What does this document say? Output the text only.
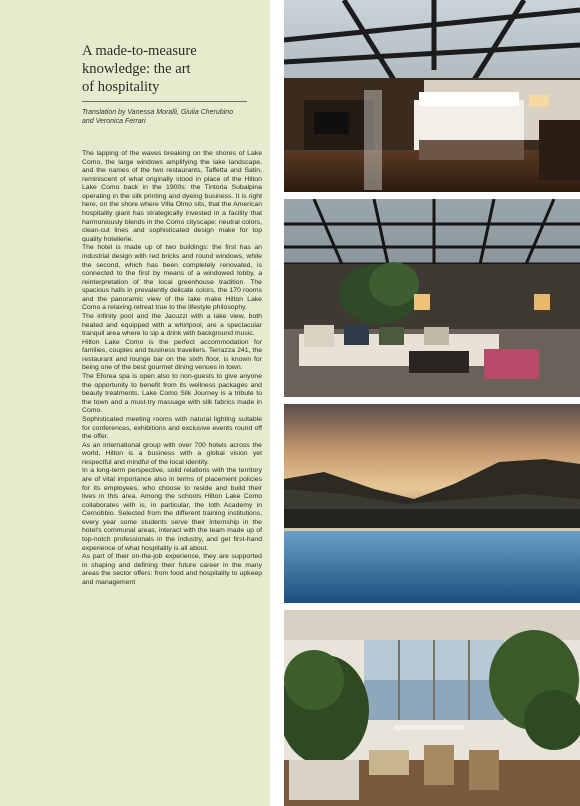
A made-to-measure
knowledge: the art
of hospitality
Translation by Vanessa Moralli, Giulia Cherubino
and Veronica Ferrari

The lapping of the waves breaking on the shores of Lake Como, the large windows amplifying the lake landscape, and the names of the two restaurants, Taffetta and Satin, reminiscent of what originally stood in place of the Hilton Lake Como back in the 1900s: the Tintoria Subalpina operating in the silk printing and dyeing business. It is right here, on the shore where Villa Olmo sits, that the American hospitality giant has strategically invested in a facility that harmoniously blends in the Como cityscape: neutral colors, clean-cut lines and sophisticated design make for top quality hotellerie.

The hotel is made up of two buildings: the first has an industrial design with red bricks and round windows, while the second, which has been completely renovated, is connected to the first by means of a windowed lobby, a reinterpretation of the local greenhouse tradition. The spacious halls in prevalently delicate colors, the 170 rooms and the panoramic view of the lake make Hilton Lake Como a relaxing retreat true to the lifestyle philosophy.

The infinity pool and the Jacuzzi with a lake view, both heated and equipped with a whirlpool, are a spectacular tranquil area where to sip a drink with background music.

Hilton Lake Como is the perfect accommodation for families, couples and business travellers. Terrazza 241, the restaurant and lounge bar on the sixth floor, is known for being one of the best gourmet dining venues in town.

The Eforea spa is open also to non-guests to give anyone the opportunity to benefit from its wellness packages and beauty treatments. Lake Como Silk Journey is a tribute to the town and a must-try massage with silk fabrics made in Como.

Sophisticated meeting rooms with natural lighting suitable for conferences, exhibitions and exclusive events round off the offer.

As an international group with over 700 hotels across the world, Hilton is a business with a global vision yet respectful and mindful of the local identity.

In a long-term perspective, solid relations with the territory are of vital importance also in terms of placement policies for its employees, who choose to reside and build their lives in this area. Among the schools Hilton Lake Como collaborates with is, in particular, the Ioth Academy in Cernobbio. Selected from the different training institutions, every year some students serve their internship in the hotel's communal areas, interact with the team made up of top-notch professionals in the industry, and get first-hand experience of what hospitality is all about.

As part of their on-the-job experience, they are supported in shaping and defining their future career in the many areas the sector offers: from food and hospitality to upkeep and management
